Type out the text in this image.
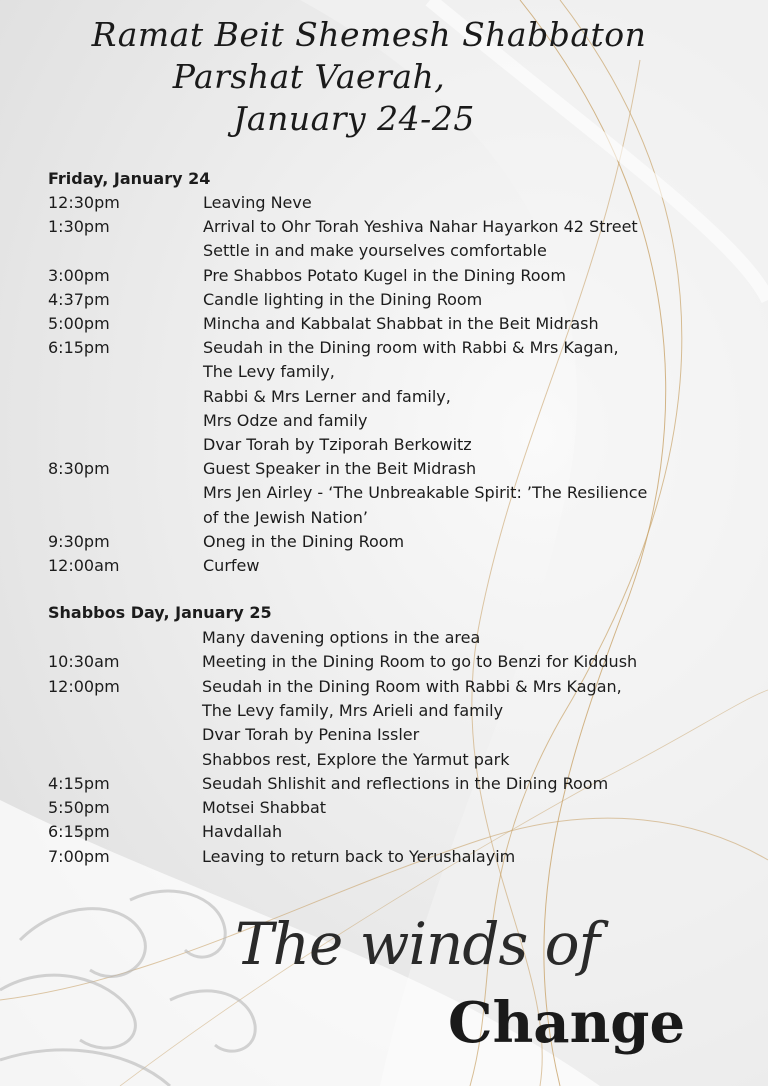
Ramat Beit Shemesh Shabbaton
Parshat Vaerah,
January 24-25
Friday, January 24
12:30pm	Leaving Neve
1:30pm	Arrival to Ohr Torah Yeshiva Nahar Hayarkon 42 Street
Settle in and make yourselves comfortable
3:00pm	Pre Shabbos Potato Kugel in the Dining Room
4:37pm	Candle lighting in the Dining Room
5:00pm	Mincha and Kabbalat Shabbat in the Beit Midrash
6:15pm	Seudah in the Dining room with Rabbi & Mrs Kagan,
The Levy family,
Rabbi & Mrs Lerner and family,
Mrs Odze and family
Dvar Torah by Tziporah Berkowitz
8:30pm	Guest Speaker in the Beit Midrash
Mrs Jen Airley - ‘The Unbreakable Spirit: ’The Resilience
of the Jewish Nation’
9:30pm	Oneg in the Dining Room
12:00am	Curfew
Shabbos Day, January 25
Many davening options in the area
10:30am	Meeting in the Dining Room to go to Benzi for Kiddush
12:00pm	Seudah in the Dining Room with Rabbi & Mrs Kagan,
The Levy family, Mrs Arieli and family
Dvar Torah by Penina Issler
Shabbos rest, Explore the Yarmut park
4:15pm	Seudah Shlishit and reflections in the Dining Room
5:50pm	Motsei Shabbat
6:15pm	Havdallah
7:00pm	Leaving to return back to Yerushalayim
The winds of
Change
